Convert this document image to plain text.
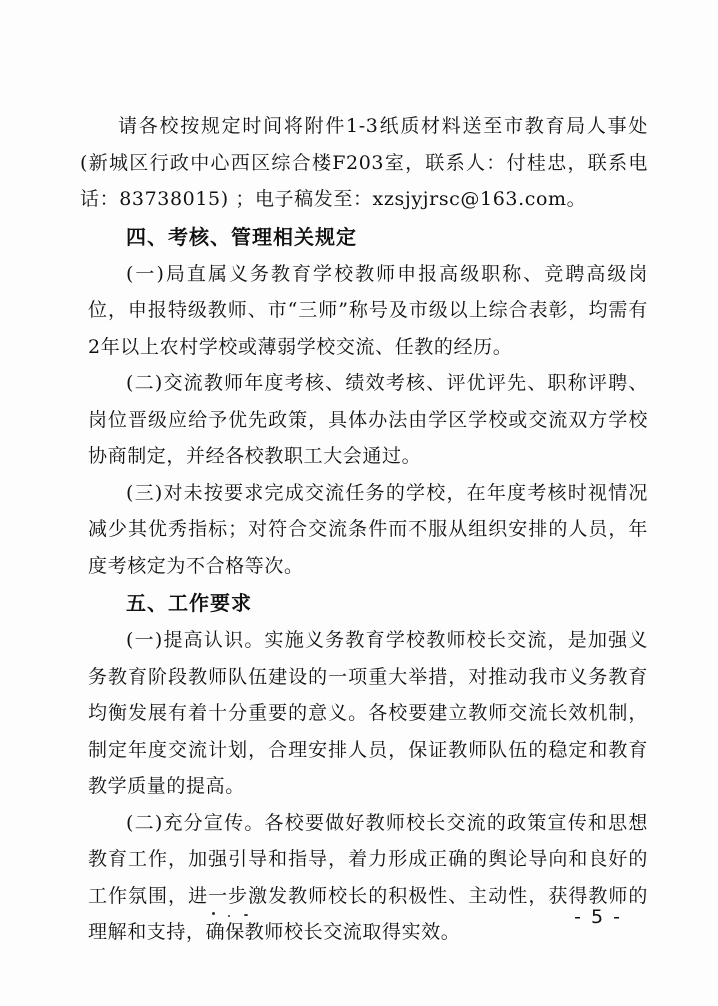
请各校按规定时间将附件1-3纸质材料送至市教育局人事处(新城区行政中心西区综合楼F203室，联系人：付桂忠，联系电话：83738015) ；电子稿发至：xzsjyjrsc@163.com。

四、考核、管理相关规定

(一)局直属义务教育学校教师申报高级职称、竞聘高级岗位，申报特级教师、市“三师”称号及市级以上综合表彰，均需有2年以上农村学校或薄弱学校交流、任教的经历。

(二)交流教师年度考核、绩效考核、评优评先、职称评聘、岗位晋级应给予优先政策，具体办法由学区学校或交流双方学校协商制定，并经各校教职工大会通过。

(三)对未按要求完成交流任务的学校，在年度考核时视情况减少其优秀指标；对符合交流条件而不服从组织安排的人员，年度考核定为不合格等次。

五、工作要求

(一)提高认识。实施义务教育学校教师校长交流，是加强义务教育阶段教师队伍建设的一项重大举措，对推动我市义务教育均衡发展有着十分重要的意义。各校要建立教师交流长效机制，制定年度交流计划，合理安排人员，保证教师队伍的稳定和教育教学质量的提高。

(二)充分宣传。各校要做好教师校长交流的政策宣传和思想教育工作，加强引导和指导，着力形成正确的舆论导向和良好的工作氛围，进一步激发教师校长的积极性、主动性，获得教师的理解和支持，确保教师校长交流取得实效。

- 5 -
